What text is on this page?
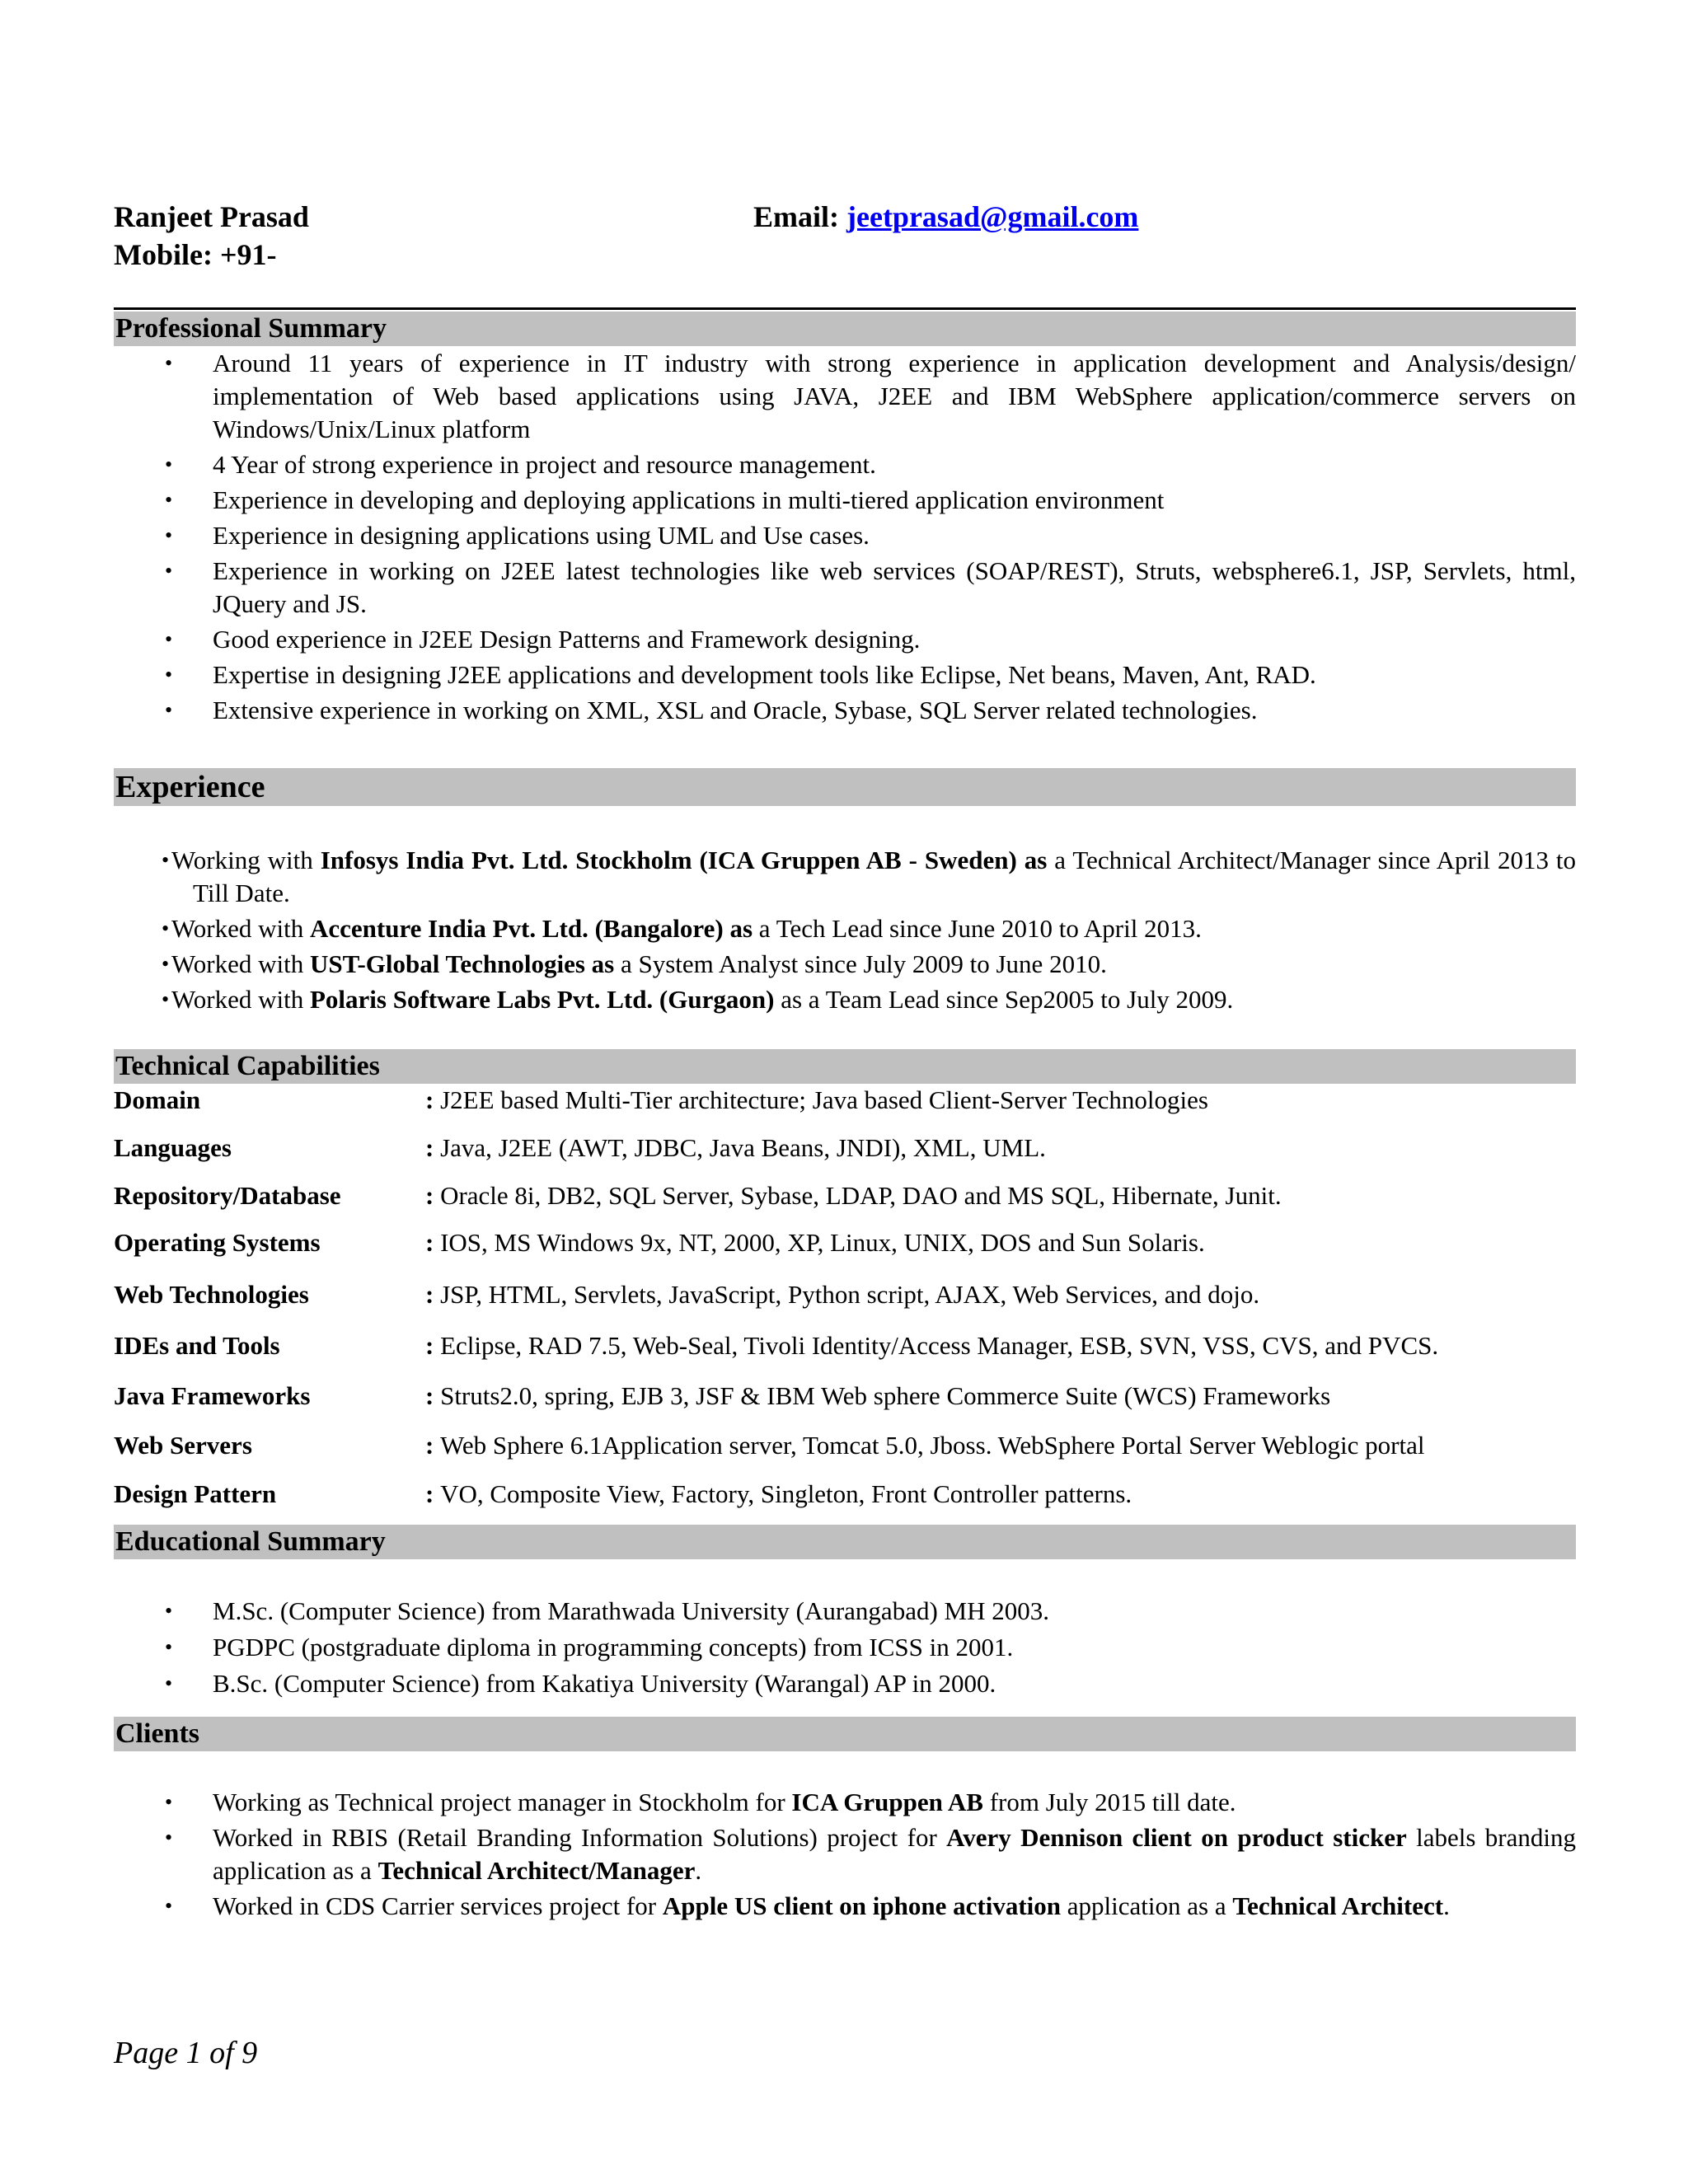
Ranjeet Prasad
Mobile: +91-
Email: jeetprasad@gmail.com
Professional Summary
• Around 11 years of experience in IT industry with strong experience in application development and Analysis/design/ implementation of Web based applications using JAVA, J2EE and IBM WebSphere application/commerce servers on Windows/Unix/Linux platform
• 4 Year of strong experience in project and resource management.
• Experience in developing and deploying applications in multi-tiered application environment
• Experience in designing applications using UML and Use cases.
• Experience in working on J2EE latest technologies like web services (SOAP/REST), Struts, websphere6.1, JSP, Servlets, html, JQuery and JS.
• Good experience in J2EE Design Patterns and Framework designing.
• Expertise in designing J2EE applications and development tools like Eclipse, Net beans, Maven, Ant, RAD.
• Extensive experience in working on XML, XSL and Oracle, Sybase, SQL Server related technologies.
Experience
• Working with Infosys India Pvt. Ltd. Stockholm (ICA Gruppen AB - Sweden) as a Technical Architect/Manager since April 2013 to Till Date.
• Worked with Accenture India Pvt. Ltd. (Bangalore) as a Tech Lead since June 2010 to April 2013.
• Worked with UST-Global Technologies as a System Analyst since July 2009 to June 2010.
• Worked with Polaris Software Labs Pvt. Ltd. (Gurgaon) as a Team Lead since Sep2005 to July 2009.
Technical Capabilities
Domain	: J2EE based Multi-Tier architecture; Java based Client-Server Technologies
Languages	: Java, J2EE (AWT, JDBC, Java Beans, JNDI), XML, UML.
Repository/Database	: Oracle 8i, DB2, SQL Server, Sybase, LDAP, DAO and MS SQL, Hibernate, Junit.
Operating Systems	: IOS, MS Windows 9x, NT, 2000, XP, Linux, UNIX, DOS and Sun Solaris.
Web Technologies	: JSP, HTML, Servlets, JavaScript, Python script, AJAX, Web Services, and dojo.
IDEs and Tools	: Eclipse, RAD 7.5, Web-Seal, Tivoli Identity/Access Manager, ESB, SVN, VSS, CVS, and PVCS.
Java Frameworks	: Struts2.0, spring, EJB 3, JSF & IBM Web sphere Commerce Suite (WCS) Frameworks
Web Servers	: Web Sphere 6.1Application server, Tomcat 5.0, Jboss. WebSphere Portal Server Weblogic portal
Design Pattern	: VO, Composite View, Factory, Singleton, Front Controller patterns.
Educational Summary
• M.Sc. (Computer Science) from Marathwada University (Aurangabad) MH 2003.
• PGDPC (postgraduate diploma in programming concepts) from ICSS in 2001.
• B.Sc. (Computer Science) from Kakatiya University (Warangal) AP in 2000.
Clients
• Working as Technical project manager in Stockholm for ICA Gruppen AB from July 2015 till date.
• Worked in RBIS (Retail Branding Information Solutions) project for Avery Dennison client on product sticker labels branding application as a Technical Architect/Manager.
• Worked in CDS Carrier services project for Apple US client on iphone activation application as a Technical Architect.
Page 1 of 9
